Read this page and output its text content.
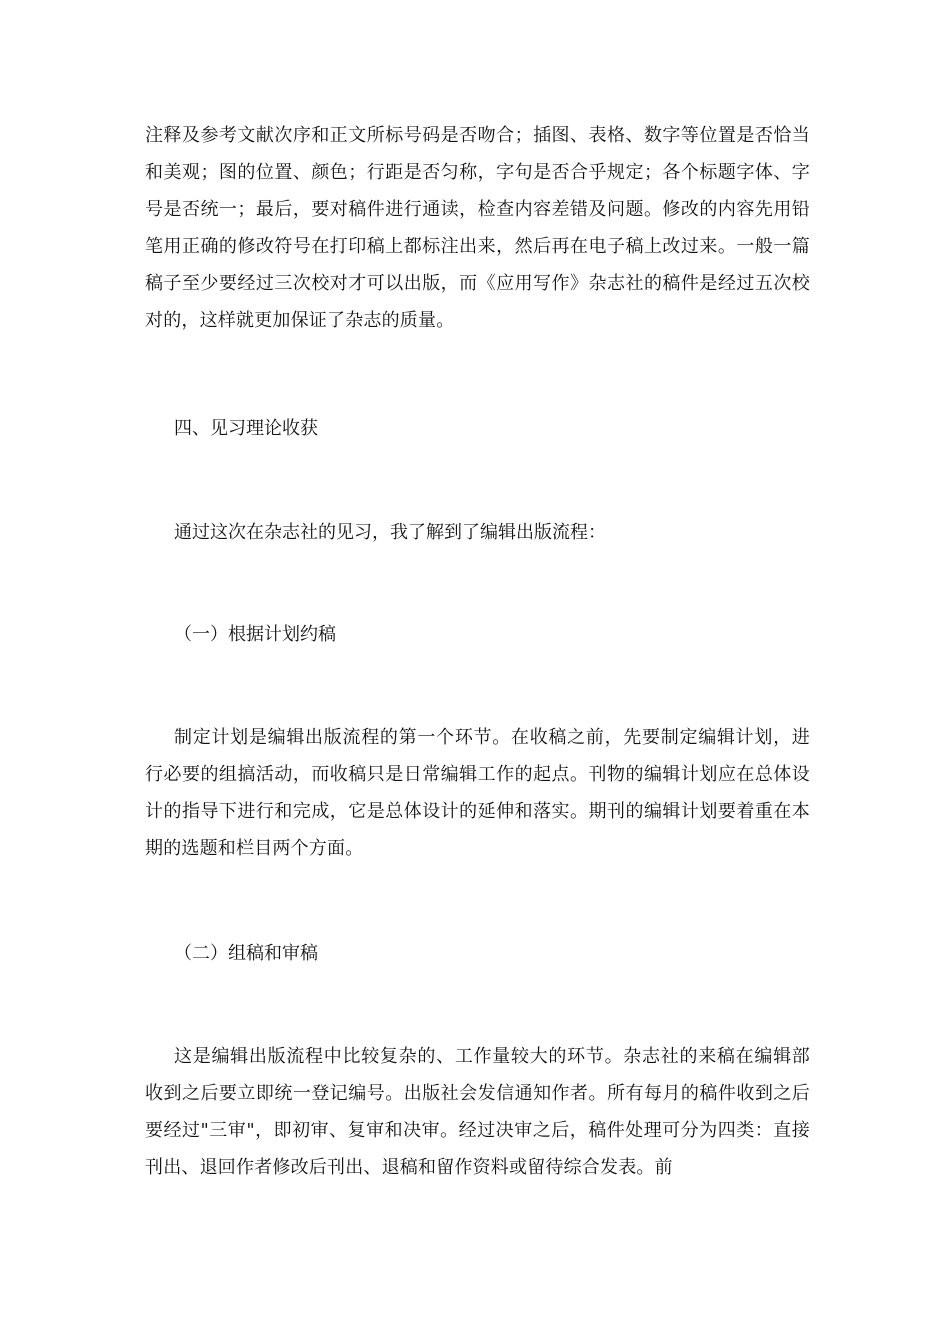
注释及参考文献次序和正文所标号码是否吻合；插图、表格、数字等位置是否恰当和美观；图的位置、颜色；行距是否匀称，字句是否合乎规定；各个标题字体、字号是否统一；最后，要对稿件进行通读，检查内容差错及问题。修改的内容先用铅笔用正确的修改符号在打印稿上都标注出来，然后再在电子稿上改过来。一般一篇稿子至少要经过三次校对才可以出版，而《应用写作》杂志社的稿件是经过五次校对的，这样就更加保证了杂志的质量。

四、见习理论收获

通过这次在杂志社的见习，我了解到了编辑出版流程：

（一）根据计划约稿

制定计划是编辑出版流程的第一个环节。在收稿之前，先要制定编辑计划，进行必要的组搞活动，而收稿只是日常编辑工作的起点。刊物的编辑计划应在总体设计的指导下进行和完成，它是总体设计的延伸和落实。期刊的编辑计划要着重在本期的选题和栏目两个方面。

（二）组稿和审稿

这是编辑出版流程中比较复杂的、工作量较大的环节。杂志社的来稿在编辑部收到之后要立即统一登记编号。出版社会发信通知作者。所有每月的稿件收到之后要经过"三审"，即初审、复审和决审。经过决审之后，稿件处理可分为四类：直接刊出、退回作者修改后刊出、退稿和留作资料或留待综合发表。前
